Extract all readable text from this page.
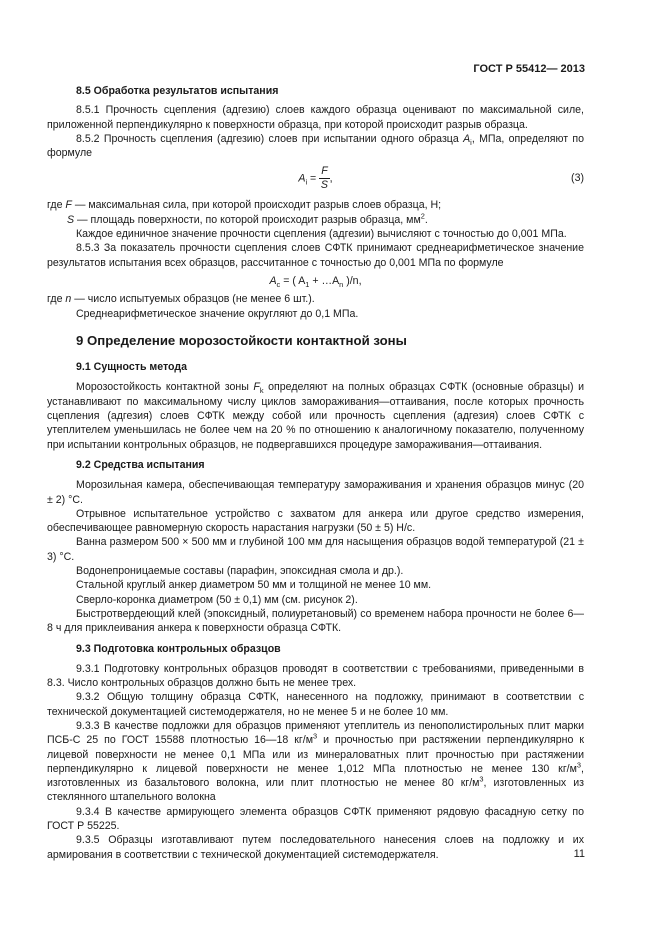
ГОСТ Р 55412— 2013

8.5 Обработка результатов испытания

8.5.1 Прочность сцепления (адгезию) слоев каждого образца оценивают по максимальной силе, приложенной перпендикулярно к поверхности образца, при которой происходит разрыв образца.

8.5.2 Прочность сцепления (адгезию) слоев при испытании одного образца $A_i$, МПа, определяют по формуле

$A_i = \frac{F}{S}$ ,	(3)

где F — максимальная сила, при которой происходит разрыв слоев образца, Н;

S — площадь поверхности, по которой происходит разрыв образца, $мм^2$.

Каждое единичное значение прочности сцепления (адгезии) вычисляют с точностью до 0,001 МПа.

8.5.3 За показатель прочности сцепления слоев СФТК принимают среднеарифметическое значение результатов испытания всех образцов, рассчитанное с точностью до 0,001 МПа по формуле

$A_c$ = ( $A_1$ + $\dots A_n$ )/n,

где n — число испытуемых образцов (не менее 6 шт.).

Среднеарифметическое значение округляют до 0,1 МПа.

9 Определение морозостойкости контактной зоны

9.1 Сущность метода

Морозостойкость контактной зоны $F_k$ определяют на полных образцах СФТК (основные образцы) и устанавливают по максимальному числу циклов замораживания—оттаивания, после которых прочность сцепления (адгезия) слоев СФТК между собой или прочность сцепления (адгезия) слоев СФТК с утеплителем уменьшилась не более чем на 20 % по отношению к аналогичному показателю, полученному при испытании контрольных образцов, не подвергавшихся процедуре замораживания—оттаивания.

9.2 Средства испытания

Морозильная камера, обеспечивающая температуру замораживания и хранения образцов минус (20 ± 2) °С.

Отрывное испытательное устройство с захватом для анкера или другое средство измерения, обеспечивающее равномерную скорость нарастания нагрузки (50 ± 5) Н/с.

Ванна размером 500 × 500 мм и глубиной 100 мм для насыщения образцов водой температурой (21 ± 3) °С.

Водонепроницаемые составы (парафин, эпоксидная смола и др.).

Стальной круглый анкер диаметром 50 мм и толщиной не менее 10 мм.

Сверло-коронка диаметром (50 ± 0,1) мм (см. рисунок 2).

Быстротвердеющий клей (эпоксидный, полиуретановый) со временем набора прочности не более 6—8 ч для приклеивания анкера к поверхности образца СФТК.

9.3 Подготовка контрольных образцов

9.3.1 Подготовку контрольных образцов проводят в соответствии с требованиями, приведенными в 8.3. Число контрольных образцов должно быть не менее трех.

9.3.2 Общую толщину образца СФТК, нанесенного на подложку, принимают в соответствии с технической документацией системодержателя, но не менее 5 и не более 10 мм.

9.3.3 В качестве подложки для образцов применяют утеплитель из пенополистирольных плит марки ПСБ-С 25 по ГОСТ 15588 плотностью 16—18 $кг/м^3$ и прочностью при растяжении перпендикулярно к лицевой поверхности не менее 0,1 МПа или из минераловатных плит прочностью при растяжении перпендикулярно к лицевой поверхности не менее 1,012 МПа плотностью не менее 130 $кг/м^3$, изготовленных из базальтового волокна, или плит плотностью не менее 80 $кг/м^3$, изготовленных из стеклянного штапельного волокна

9.3.4 В качестве армирующего элемента образцов СФТК применяют рядовую фасадную сетку по ГОСТ Р 55225.

9.3.5 Образцы изготавливают путем последовательного нанесения слоев на подложку и их армирования в соответствии с технической документацией системодержателя.	11
